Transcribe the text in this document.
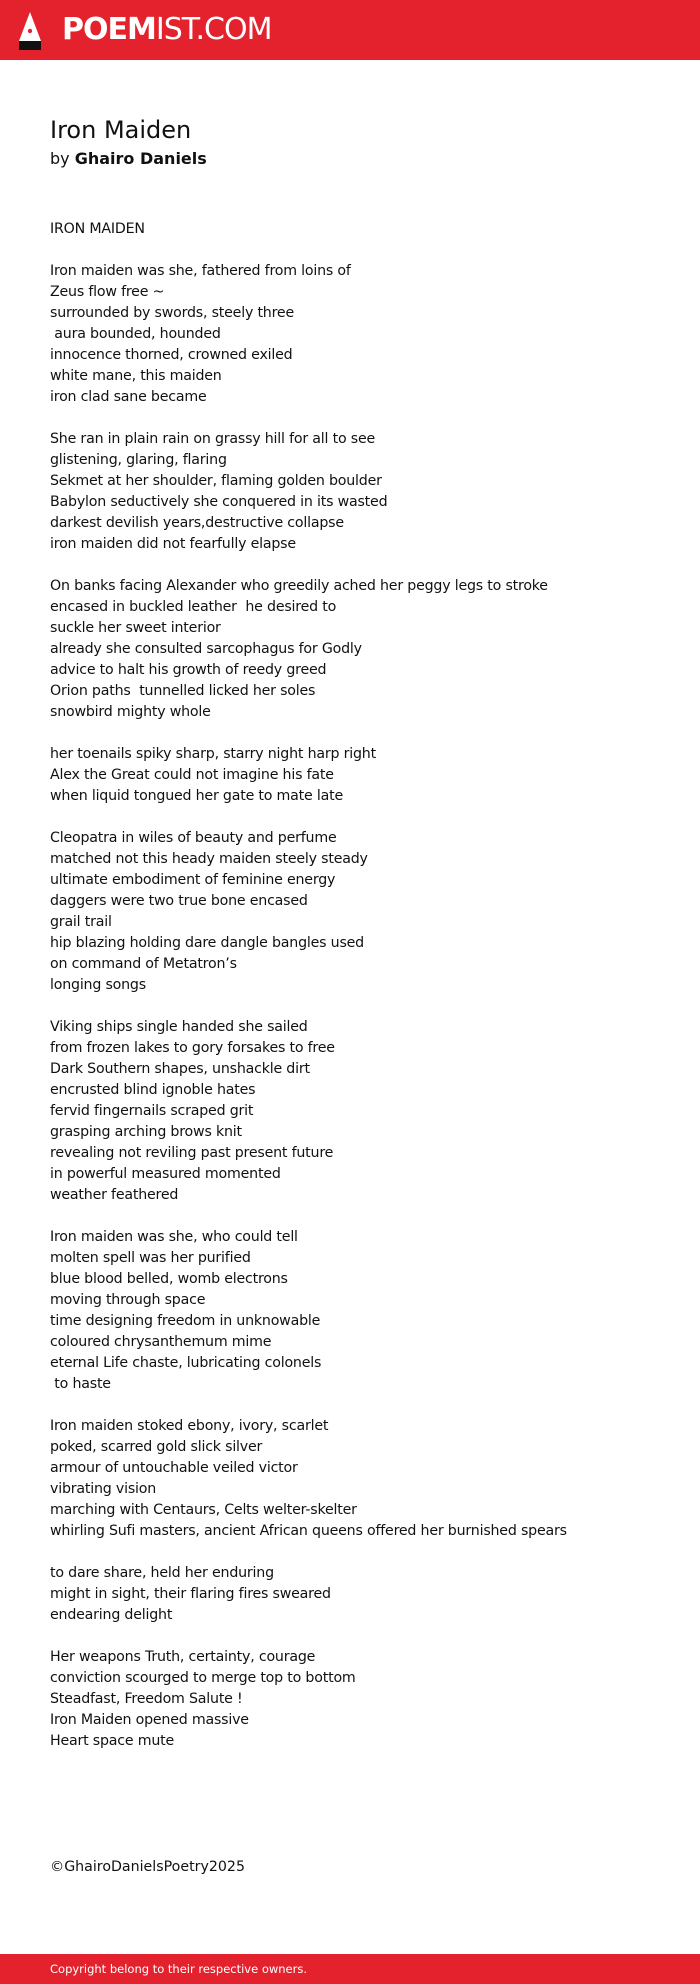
POEMIST.COM
Iron Maiden
by Ghairo Daniels
IRON MAIDEN
Iron maiden was she, fathered from loins of
Zeus flow free ~
surrounded by swords, steely three
aura bounded, hounded
innocence thorned, crowned exiled
white mane, this maiden
iron clad sane became
She ran in plain rain on grassy hill for all to see
glistening, glaring, flaring
Sekmet at her shoulder, flaming golden boulder
Babylon seductively she conquered in its wasted
darkest devilish years,destructive collapse
iron maiden did not fearfully elapse
On banks facing Alexander who greedily ached her peggy legs to stroke
encased in buckled leather  he desired to
suckle her sweet interior
already she consulted sarcophagus for Godly
advice to halt his growth of reedy greed
Orion paths  tunnelled licked her soles
snowbird mighty whole
her toenails spiky sharp, starry night harp right
Alex the Great could not imagine his fate
when liquid tongued her gate to mate late
Cleopatra in wiles of beauty and perfume
matched not this heady maiden steely steady
ultimate embodiment of feminine energy
daggers were two true bone encased
grail trail
hip blazing holding dare dangle bangles used
on command of Metatron’s
longing songs
Viking ships single handed she sailed
from frozen lakes to gory forsakes to free
Dark Southern shapes, unshackle dirt
encrusted blind ignoble hates
fervid fingernails scraped grit
grasping arching brows knit
revealing not reviling past present future
in powerful measured momented
weather feathered
Iron maiden was she, who could tell
molten spell was her purified
blue blood belled, womb electrons
moving through space
time designing freedom in unknowable
coloured chrysanthemum mime
eternal Life chaste, lubricating colonels
to haste
Iron maiden stoked ebony, ivory, scarlet
poked, scarred gold slick silver
armour of untouchable veiled victor
vibrating vision
marching with Centaurs, Celts welter-skelter
whirling Sufi masters, ancient African queens offered her burnished spears
to dare share, held her enduring
might in sight, their flaring fires sweared
endearing delight
Her weapons Truth, certainty, courage
conviction scourged to merge top to bottom
Steadfast, Freedom Salute !
Iron Maiden opened massive
Heart space mute
©GhairoDanielsPoetry2025
Copyright belong to their respective owners.
